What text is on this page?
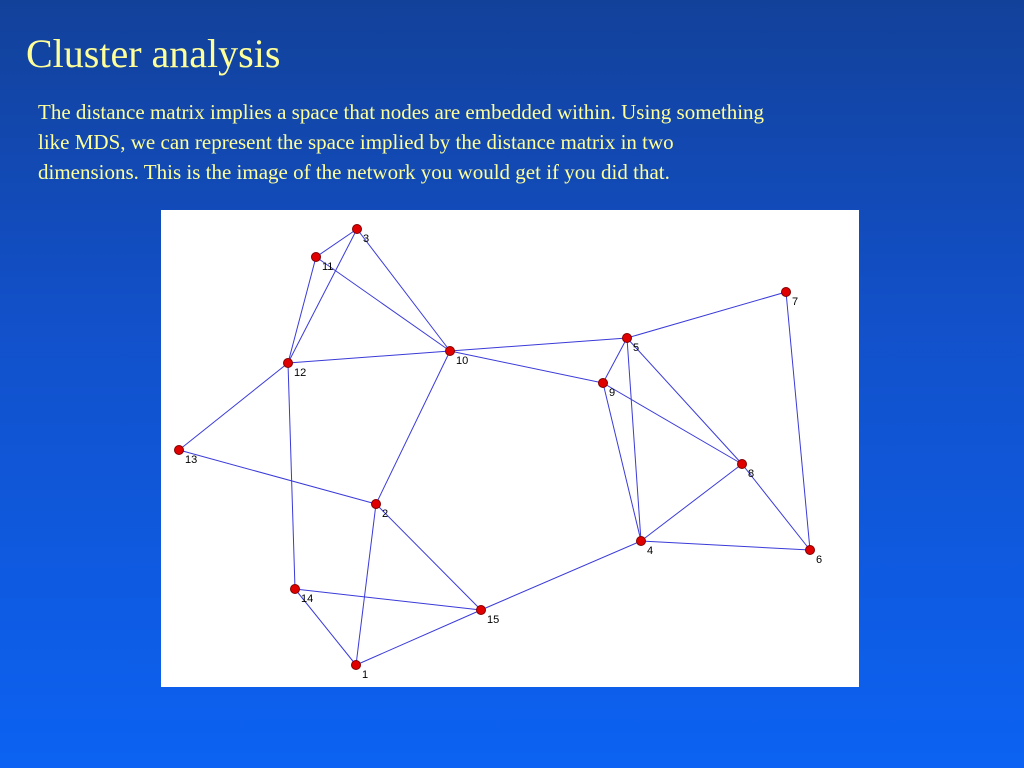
Cluster analysis

The distance matrix implies a space that nodes are embedded within. Using something
like MDS, we can represent the space implied by the distance matrix in two
dimensions. This is the image of the network you would get if you did that.

3
11
12
10
5
7
9
13
8
2
4
6
14
15
1
